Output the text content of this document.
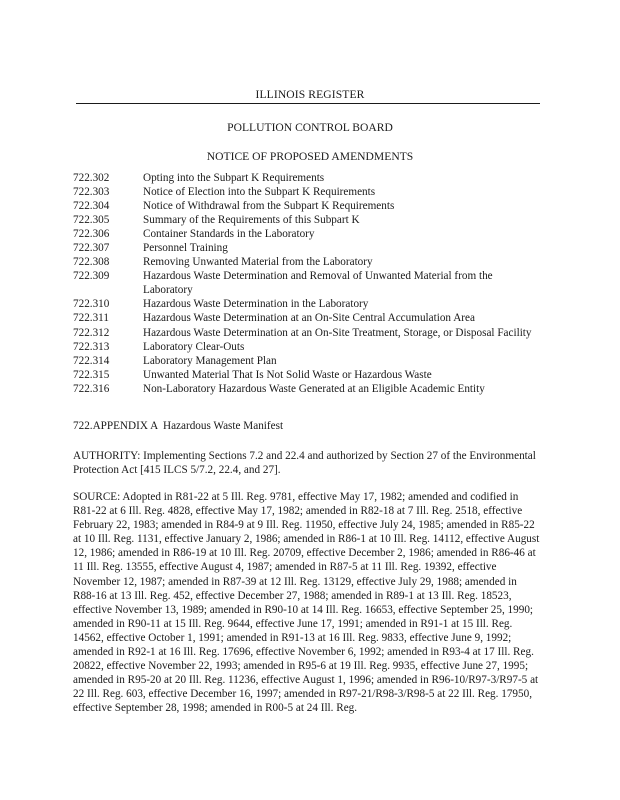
ILLINOIS REGISTER
POLLUTION CONTROL BOARD
NOTICE OF PROPOSED AMENDMENTS
722.302	Opting into the Subpart K Requirements
722.303	Notice of Election into the Subpart K Requirements
722.304	Notice of Withdrawal from the Subpart K Requirements
722.305	Summary of the Requirements of this Subpart K
722.306	Container Standards in the Laboratory
722.307	Personnel Training
722.308	Removing Unwanted Material from the Laboratory
722.309	Hazardous Waste Determination and Removal of Unwanted Material from the Laboratory
722.310	Hazardous Waste Determination in the Laboratory
722.311	Hazardous Waste Determination at an On-Site Central Accumulation Area
722.312	Hazardous Waste Determination at an On-Site Treatment, Storage, or Disposal Facility
722.313	Laboratory Clear-Outs
722.314	Laboratory Management Plan
722.315	Unwanted Material That Is Not Solid Waste or Hazardous Waste
722.316	Non-Laboratory Hazardous Waste Generated at an Eligible Academic Entity
722.APPENDIX A Hazardous Waste Manifest

AUTHORITY: Implementing Sections 7.2 and 22.4 and authorized by Section 27 of the Environmental Protection Act [415 ILCS 5/7.2, 22.4, and 27].

SOURCE: Adopted in R81-22 at 5 Ill. Reg. 9781, effective May 17, 1982; amended and codified in R81-22 at 6 Ill. Reg. 4828, effective May 17, 1982; amended in R82-18 at 7 Ill. Reg. 2518, effective February 22, 1983; amended in R84-9 at 9 Ill. Reg. 11950, effective July 24, 1985; amended in R85-22 at 10 Ill. Reg. 1131, effective January 2, 1986; amended in R86-1 at 10 Ill. Reg. 14112, effective August 12, 1986; amended in R86-19 at 10 Ill. Reg. 20709, effective December 2, 1986; amended in R86-46 at 11 Ill. Reg. 13555, effective August 4, 1987; amended in R87-5 at 11 Ill. Reg. 19392, effective November 12, 1987; amended in R87-39 at 12 Ill. Reg. 13129, effective July 29, 1988; amended in R88-16 at 13 Ill. Reg. 452, effective December 27, 1988; amended in R89-1 at 13 Ill. Reg. 18523, effective November 13, 1989; amended in R90-10 at 14 Ill. Reg. 16653, effective September 25, 1990; amended in R90-11 at 15 Ill. Reg. 9644, effective June 17, 1991; amended in R91-1 at 15 Ill. Reg. 14562, effective October 1, 1991; amended in R91-13 at 16 Ill. Reg. 9833, effective June 9, 1992; amended in R92-1 at 16 Ill. Reg. 17696, effective November 6, 1992; amended in R93-4 at 17 Ill. Reg. 20822, effective November 22, 1993; amended in R95-6 at 19 Ill. Reg. 9935, effective June 27, 1995; amended in R95-20 at 20 Ill. Reg. 11236, effective August 1, 1996; amended in R96-10/R97-3/R97-5 at 22 Ill. Reg. 603, effective December 16, 1997; amended in R97-21/R98-3/R98-5 at 22 Ill. Reg. 17950, effective September 28, 1998; amended in R00-5 at 24 Ill. Reg.
